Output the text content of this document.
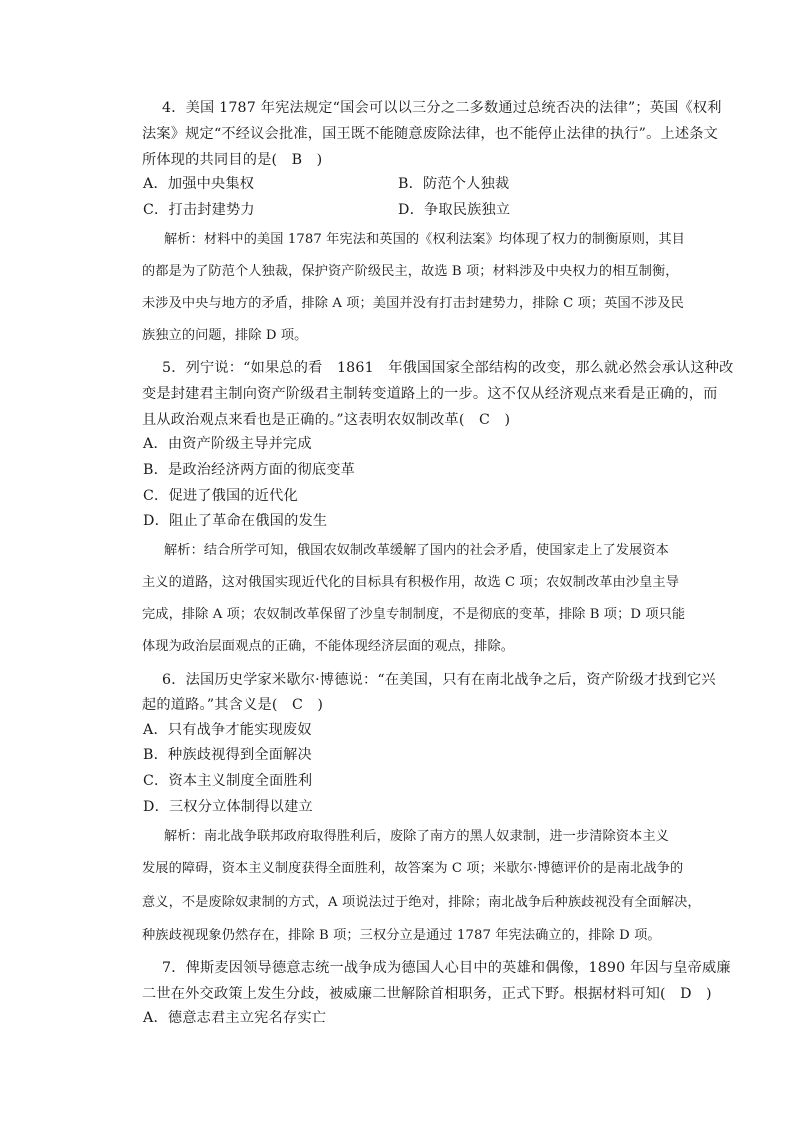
4．美国 1787 年宪法规定“国会可以以三分之二多数通过总统否决的法律”；英国《权利
法案》规定“不经议会批准，国王既不能随意废除法律，也不能停止法律的执行”。上述条文
所体现的共同目的是(　B　)
A．加强中央集权	B．防范个人独裁
C．打击封建势力	D．争取民族独立
解析：材料中的美国 1787 年宪法和英国的《权利法案》均体现了权力的制衡原则，其目
的都是为了防范个人独裁，保护资产阶级民主，故选 B 项；材料涉及中央权力的相互制衡，
未涉及中央与地方的矛盾，排除 A 项；美国并没有打击封建势力，排除 C 项；英国不涉及民
族独立的问题，排除 D 项。
5．列宁说：“如果总的看　1861　年俄国国家全部结构的改变，那么就必然会承认这种改
变是封建君主制向资产阶级君主制转变道路上的一步。这不仅从经济观点来看是正确的，而
且从政治观点来看也是正确的。”这表明农奴制改革(　C　)
A．由资产阶级主导并完成
B．是政治经济两方面的彻底变革
C．促进了俄国的近代化
D．阻止了革命在俄国的发生
解析：结合所学可知，俄国农奴制改革缓解了国内的社会矛盾，使国家走上了发展资本
主义的道路，这对俄国实现近代化的目标具有积极作用，故选 C 项；农奴制改革由沙皇主导
完成，排除 A 项；农奴制改革保留了沙皇专制制度，不是彻底的变革，排除 B 项；D 项只能
体现为政治层面观点的正确，不能体现经济层面的观点，排除。
6．法国历史学家米歇尔·博德说：“在美国，只有在南北战争之后，资产阶级才找到它兴
起的道路。”其含义是(　C　)
A．只有战争才能实现废奴
B．种族歧视得到全面解决
C．资本主义制度全面胜利
D．三权分立体制得以建立
解析：南北战争联邦政府取得胜利后，废除了南方的黑人奴隶制，进一步清除资本主义
发展的障碍，资本主义制度获得全面胜利，故答案为 C 项；米歇尔·博德评价的是南北战争的
意义，不是废除奴隶制的方式，A 项说法过于绝对，排除；南北战争后种族歧视没有全面解决，
种族歧视现象仍然存在，排除 B 项；三权分立是通过 1787 年宪法确立的，排除 D 项。
7．俾斯麦因领导德意志统一战争成为德国人心目中的英雄和偶像，1890 年因与皇帝威廉
二世在外交政策上发生分歧，被威廉二世解除首相职务，正式下野。根据材料可知(　D　)
A．德意志君主立宪名存实亡
